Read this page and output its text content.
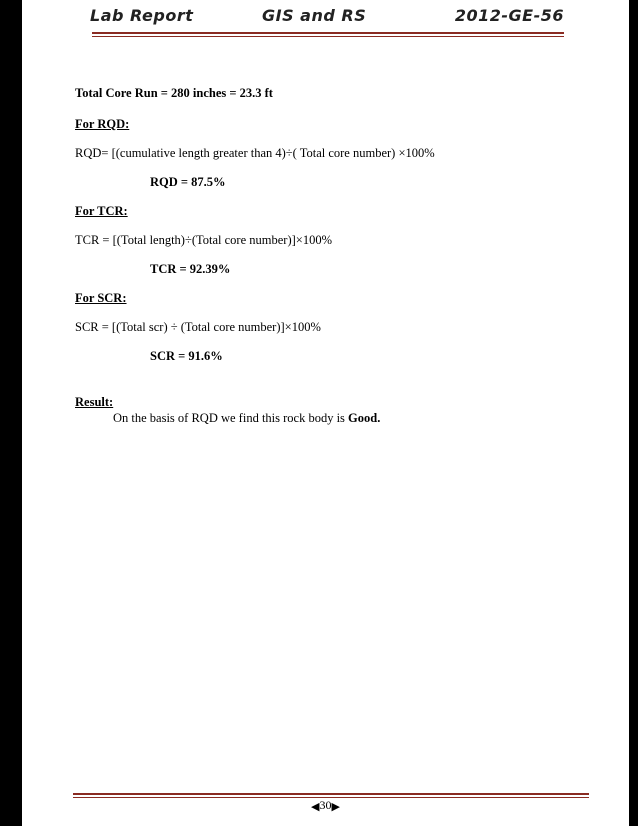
Lab Report	GIS and RS	2012-GE-56
Total Core Run = 280 inches = 23.3 ft
For RQD:
RQD= [(cumulative length greater than 4)÷( Total core number) ×100%
RQD = 87.5%
For TCR:
TCR = [(Total length)÷(Total core number)]×100%
TCR = 92.39%
For SCR:
SCR = [(Total scr) ÷ (Total core number)]×100%
SCR = 91.6%
Result:
On the basis of RQD we find this rock body is Good.
◀30▶
